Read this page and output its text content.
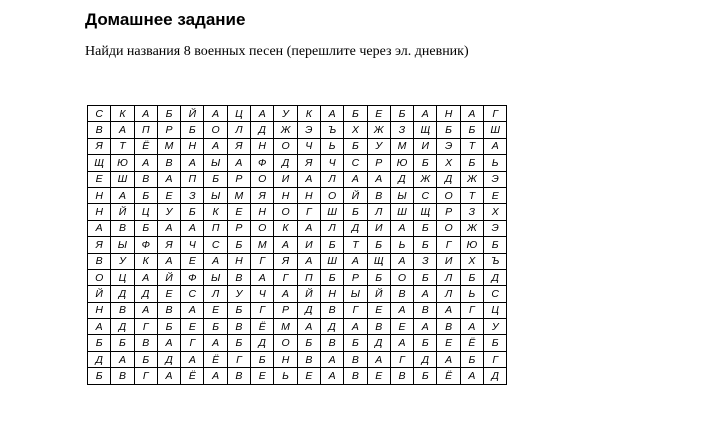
Домашнее задание

Найди названия 8 военных песен (перешлите через эл. дневник)

С	К	А	Б	Й	А	Ц	А	У	К	А	Б	Е	Б	А	Н	А	Г
В	А	П	Р	Б	О	Л	Д	Ж	Э	Ъ	Х	Ж	З	Щ	Б	Б	Ш
Я	Т	Ё	М	Н	А	Я	Н	О	Ч	Ь	Б	У	М	И	Э	Т	А
Щ	Ю	А	В	А	Ы	А	Ф	Д	Я	Ч	С	Р	Ю	Б	Х	Б	Ь
Е	Ш	В	А	П	Б	Р	О	И	А	Л	А	А	Д	Ж	Д	Ж	Э
Н	А	Б	Е	З	Ы	М	Я	Н	Н	О	Й	В	Ы	С	О	Т	Е
Н	Й	Ц	У	Б	К	Е	Н	О	Г	Ш	Б	Л	Ш	Щ	Р	З	Х
А	В	Б	А	А	П	Р	О	К	А	Л	Д	И	А	Б	О	Ж	Э
Я	Ы	Ф	Я	Ч	С	Б	М	А	И	Б	Т	Б	Ь	Б	Г	Ю	Б
В	У	К	А	Е	А	Н	Г	Я	А	Ш	А	Щ	А	З	И	Х	Ъ
О	Ц	А	Й	Ф	Ы	В	А	Г	П	Б	Р	Б	О	Б	Л	Б	Д
Й	Д	Д	Е	С	Л	У	Ч	А	Й	Н	Ы	Й	В	А	Л	Ь	С
Н	В	А	В	А	Е	Б	Г	Р	Д	В	Г	Е	А	В	А	Г	Ц
А	Д	Г	Б	Е	Б	В	Ё	М	А	Д	А	В	Е	А	В	А	У
Б	Б	В	А	Г	А	Б	Д	О	Б	В	Б	Д	А	Б	Е	Ё	Б
Д	А	Б	Д	А	Ё	Г	Б	Н	В	А	В	А	Г	Д	А	Б	Г
Б	В	Г	А	Ё	А	В	Е	Ь	Е	А	В	Е	В	Б	Ё	А	Д
